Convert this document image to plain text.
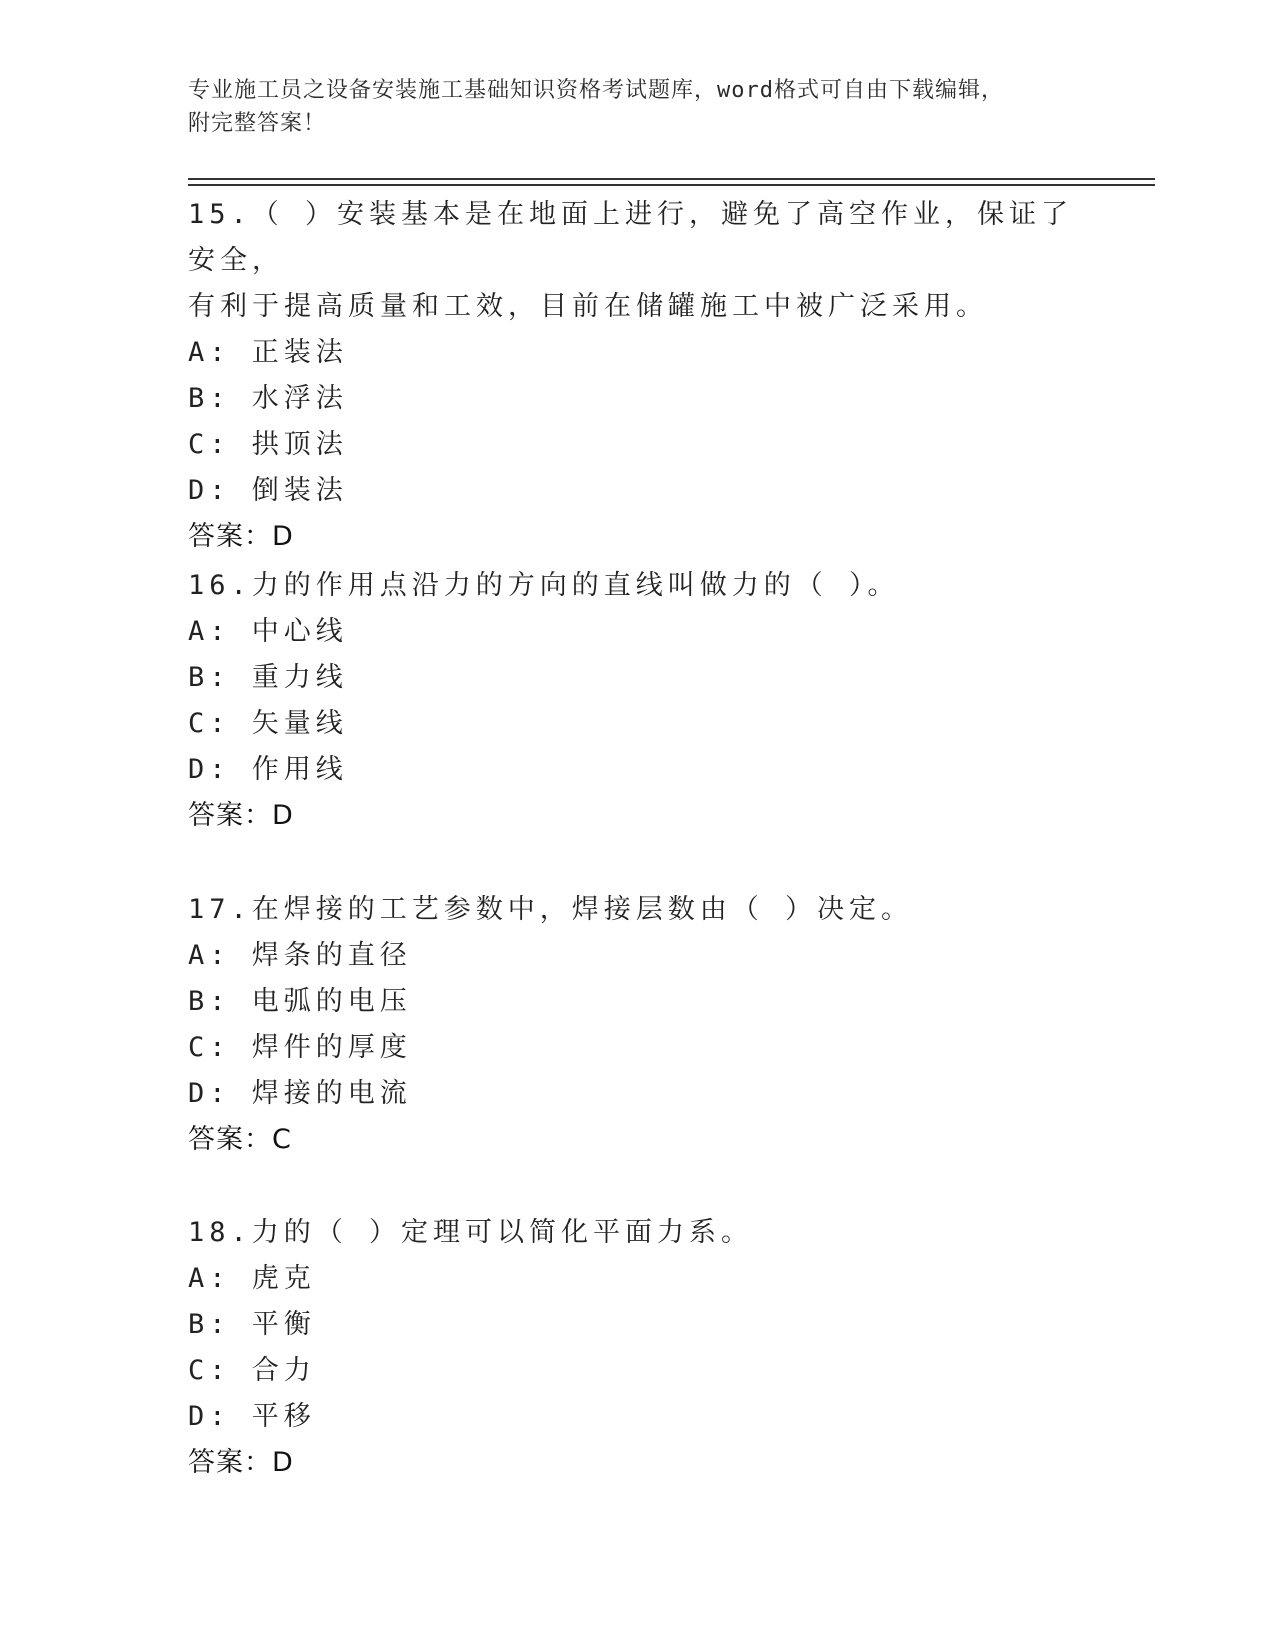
专业施工员之设备安装施工基础知识资格考试题库，word格式可自由下载编辑，
附完整答案！
15.（ ）安装基本是在地面上进行，避免了高空作业，保证了安全，
有利于提高质量和工效，目前在储罐施工中被广泛采用。
A: 正装法
B: 水浮法
C: 拱顶法
D: 倒装法
答案：D
16.力的作用点沿力的方向的直线叫做力的（ ）。
A: 中心线
B: 重力线
C: 矢量线
D: 作用线
答案：D
17.在焊接的工艺参数中，焊接层数由（ ）决定。
A: 焊条的直径
B: 电弧的电压
C: 焊件的厚度
D: 焊接的电流
答案：C
18.力的（ ）定理可以简化平面力系。
A: 虎克
B: 平衡
C: 合力
D: 平移
答案：D
